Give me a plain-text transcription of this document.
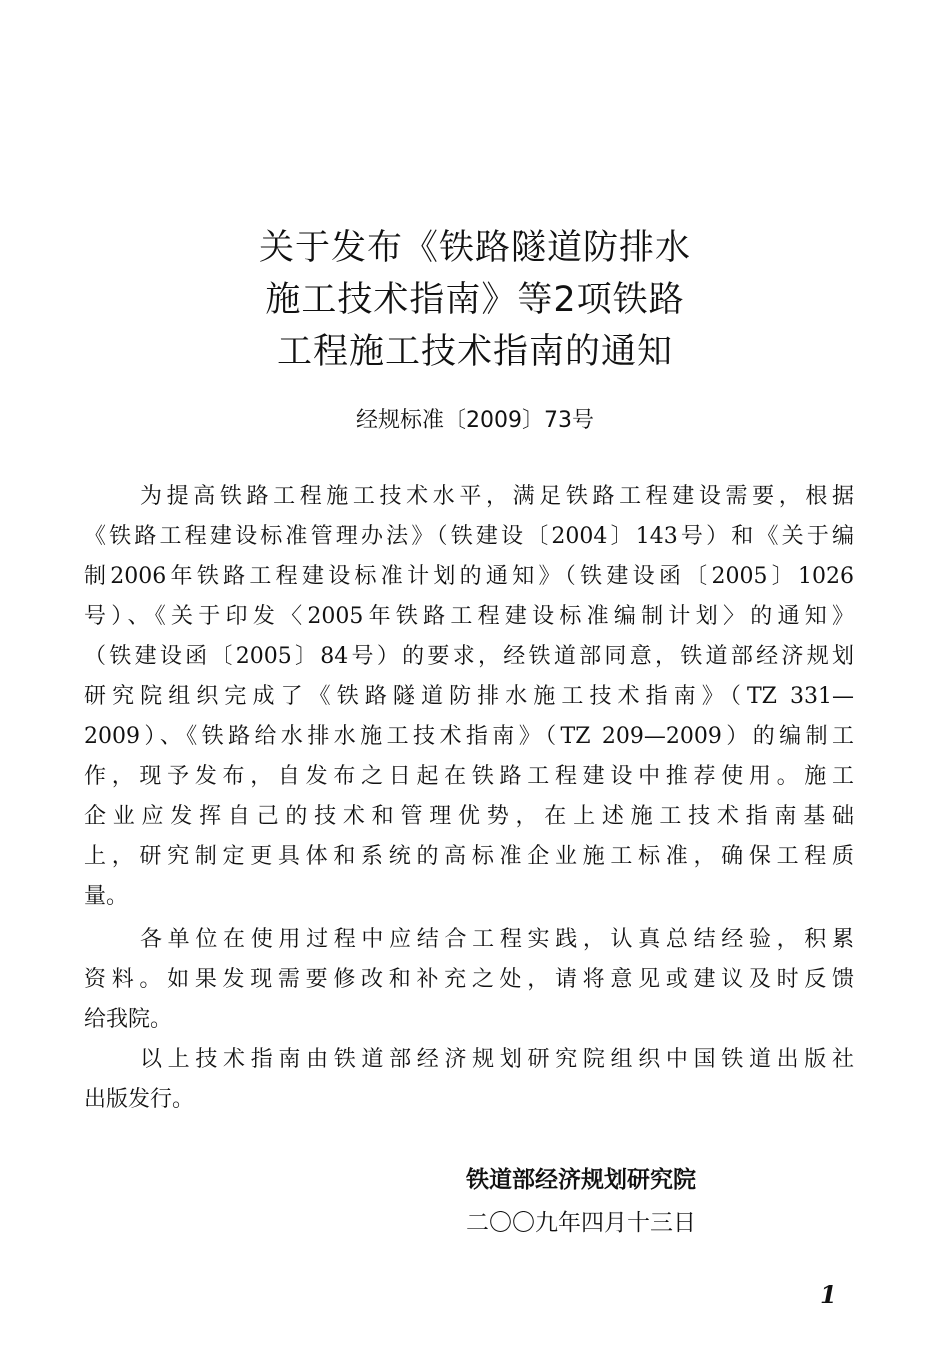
关于发布《铁路隧道防排水
施工技术指南》等2项铁路
工程施工技术指南的通知
经规标准〔2009〕73号
为提高铁路工程施工技术水平，满足铁路工程建设需要，根据
《铁路工程建设标准管理办法》（铁建设〔2004〕143号）和《关于编
制2006年铁路工程建设标准计划的通知》（铁建设函〔2005〕1026
号）、《关于印发〈2005年铁路工程建设标准编制计划〉的通知》
（铁建设函〔2005〕84号）的要求，经铁道部同意，铁道部经济规划
研究院组织完成了《铁路隧道防排水施工技术指南》（TZ 331—
2009）、《铁路给水排水施工技术指南》（TZ 209—2009）的编制工
作，现予发布，自发布之日起在铁路工程建设中推荐使用。施工
企业应发挥自己的技术和管理优势，在上述施工技术指南基础
上，研究制定更具体和系统的高标准企业施工标准，确保工程质
量。
各单位在使用过程中应结合工程实践，认真总结经验，积累
资料。如果发现需要修改和补充之处，请将意见或建议及时反馈
给我院。
以上技术指南由铁道部经济规划研究院组织中国铁道出版社
出版发行。
铁道部经济规划研究院
二〇〇九年四月十三日
1
